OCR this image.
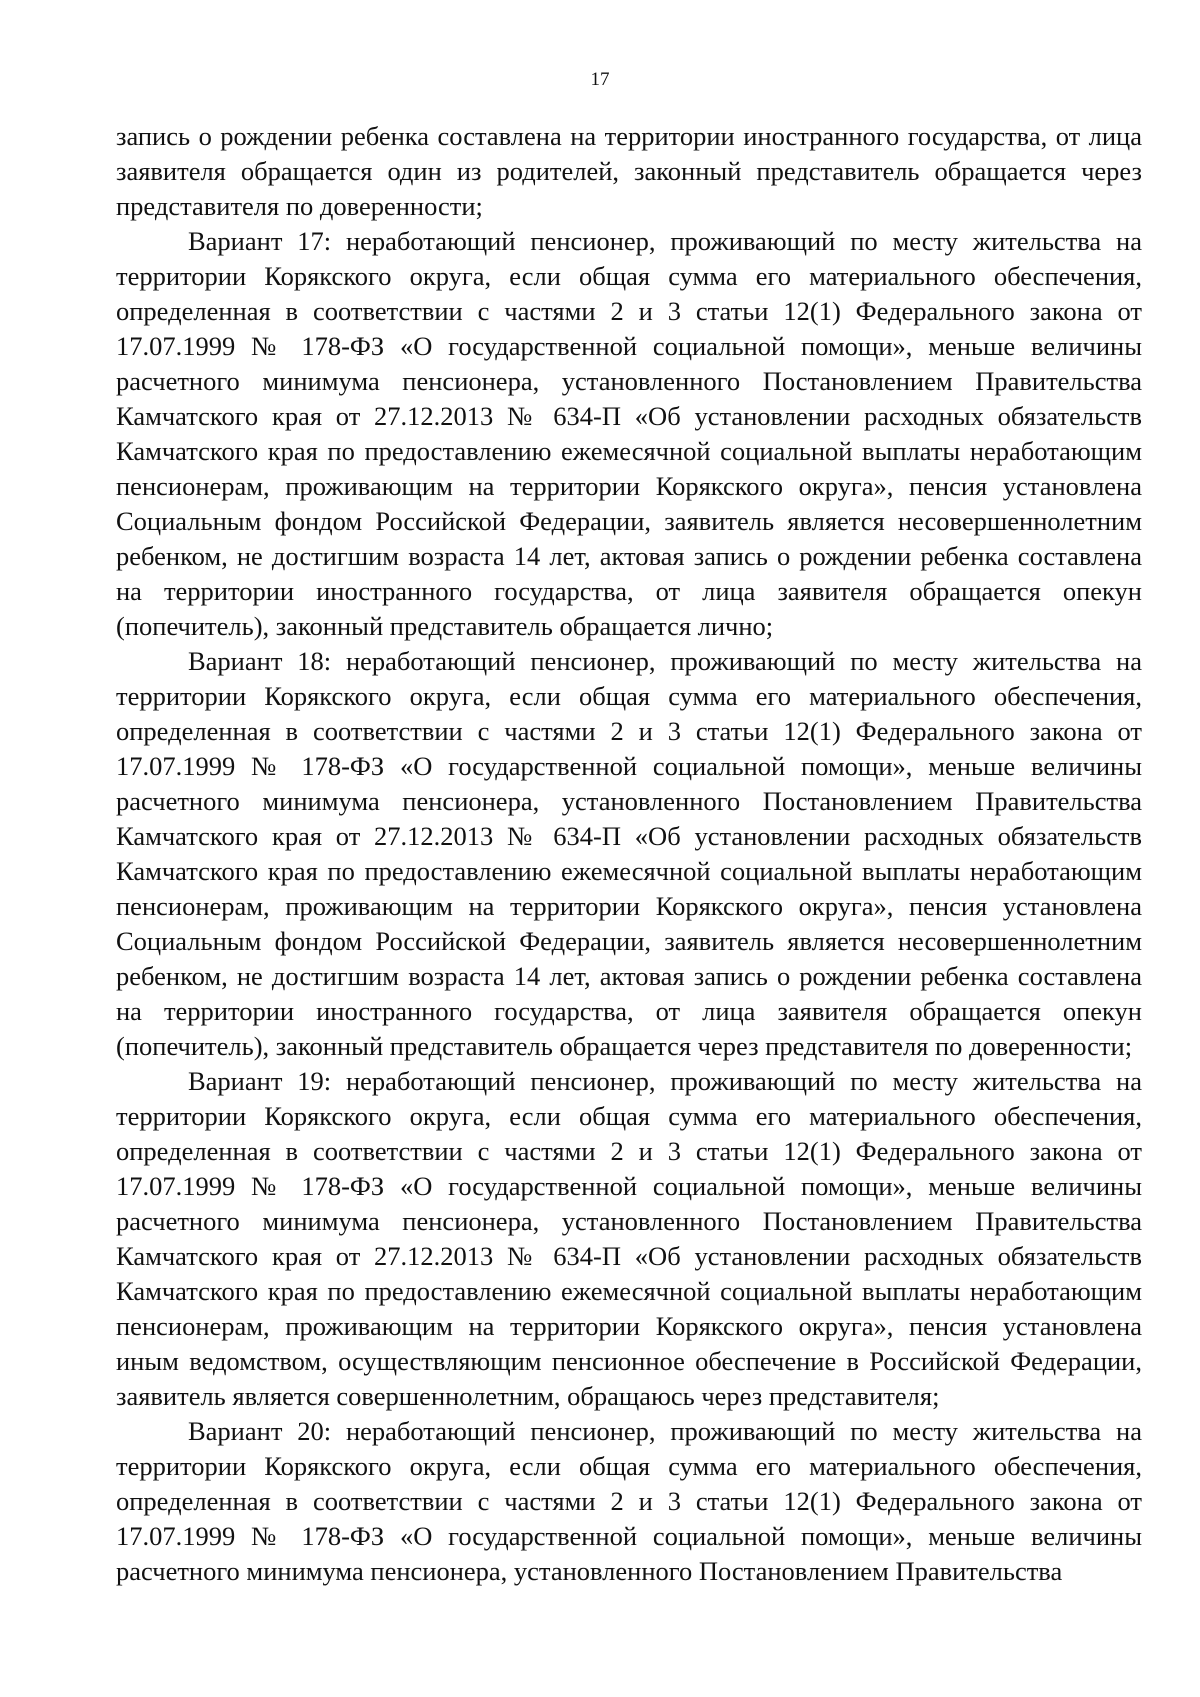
17

запись о рождении ребенка составлена на территории иностранного государства, от лица заявителя обращается один из родителей, законный представитель обращается через представителя по доверенности;

Вариант 17: неработающий пенсионер, проживающий по месту жительства на территории Корякского округа, если общая сумма его материального обеспечения, определенная в соответствии с частями 2 и 3 статьи 12(1) Федерального закона от 17.07.1999 № 178-ФЗ «О государственной социальной помощи», меньше величины расчетного минимума пенсионера, установленного Постановлением Правительства Камчатского края от 27.12.2013 № 634-П «Об установлении расходных обязательств Камчатского края по предоставлению ежемесячной социальной выплаты неработающим пенсионерам, проживающим на территории Корякского округа», пенсия установлена Социальным фондом Российской Федерации, заявитель является несовершеннолетним ребенком, не достигшим возраста 14 лет, актовая запись о рождении ребенка составлена на территории иностранного государства, от лица заявителя обращается опекун (попечитель), законный представитель обращается лично;

Вариант 18: неработающий пенсионер, проживающий по месту жительства на территории Корякского округа, если общая сумма его материального обеспечения, определенная в соответствии с частями 2 и 3 статьи 12(1) Федерального закона от 17.07.1999 № 178-ФЗ «О государственной социальной помощи», меньше величины расчетного минимума пенсионера, установленного Постановлением Правительства Камчатского края от 27.12.2013 № 634-П «Об установлении расходных обязательств Камчатского края по предоставлению ежемесячной социальной выплаты неработающим пенсионерам, проживающим на территории Корякского округа», пенсия установлена Социальным фондом Российской Федерации, заявитель является несовершеннолетним ребенком, не достигшим возраста 14 лет, актовая запись о рождении ребенка составлена на территории иностранного государства, от лица заявителя обращается опекун (попечитель), законный представитель обращается через представителя по доверенности;

Вариант 19: неработающий пенсионер, проживающий по месту жительства на территории Корякского округа, если общая сумма его материального обеспечения, определенная в соответствии с частями 2 и 3 статьи 12(1) Федерального закона от 17.07.1999 № 178-ФЗ «О государственной социальной помощи», меньше величины расчетного минимума пенсионера, установленного Постановлением Правительства Камчатского края от 27.12.2013 № 634-П «Об установлении расходных обязательств Камчатского края по предоставлению ежемесячной социальной выплаты неработающим пенсионерам, проживающим на территории Корякского округа», пенсия установлена иным ведомством, осуществляющим пенсионное обеспечение в Российской Федерации, заявитель является совершеннолетним, обращаюсь через представителя;

Вариант 20: неработающий пенсионер, проживающий по месту жительства на территории Корякского округа, если общая сумма его материального обеспечения, определенная в соответствии с частями 2 и 3 статьи 12(1) Федерального закона от 17.07.1999 № 178-ФЗ «О государственной социальной помощи», меньше величины расчетного минимума пенсионера, установленного Постановлением Правительства
